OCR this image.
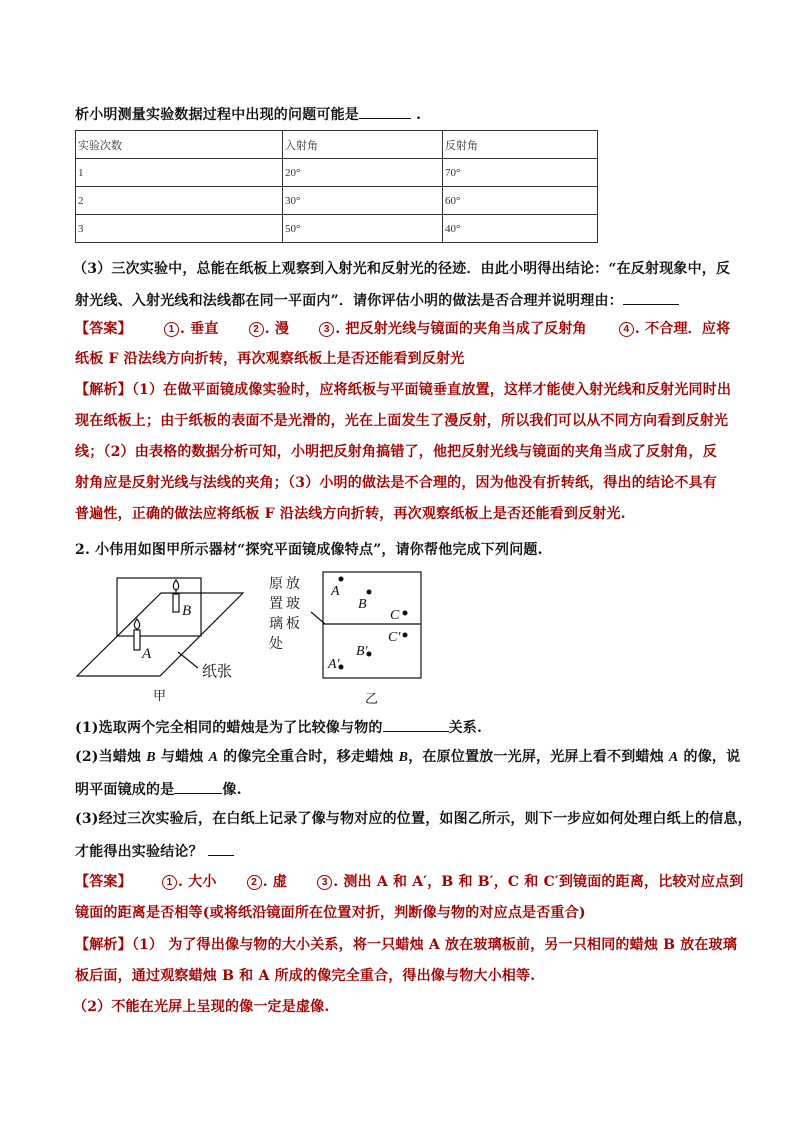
析小明测量实验数据过程中出现的问题可能是	.
实验次数	入射角	反射角
1	20°	70°
2	30°	60°
3	50°	40°
（3）三次实验中，总能在纸板上观察到入射光和反射光的径迹．由此小明得出结论：“在反射现象中，反
射光线、入射光线和法线都在同一平面内”．请你评估小明的做法是否合理并说明理由：
【答案】	1 . 垂直	2 . 漫	3 . 把反射光线与镜面的夹角当成了反射角	4 . 不合理．应将
纸板 F 沿法线方向折转，再次观察纸板上是否还能看到反射光
【解析】（1）在做平面镜成像实验时，应将纸板与平面镜垂直放置，这样才能使入射光线和反射光同时出
现在纸板上；由于纸板的表面不是光滑的，光在上面发生了漫反射，所以我们可以从不同方向看到反射光
线；（2）由表格的数据分析可知，小明把反射角搞错了，他把反射光线与镜面的夹角当成了反射角，反
射角应是反射光线与法线的夹角；（3）小明的做法是不合理的，因为他没有折转纸，得出的结论不具有
普遍性，正确的做法应将纸板 F 沿法线方向折转，再次观察纸板上是否还能看到反射光.
2. 小伟用如图甲所示器材“探究平面镜成像特点”，请你帮他完成下列问题.
B
A
纸张
甲
A
B
C
C′
B′
A′
原放
置玻
璃板
处
乙
(1)选取两个完全相同的蜡烛是为了比较像与物的	关系.
(2)当蜡烛 B 与蜡烛 A 的像完全重合时，移走蜡烛 B，在原位置放一光屏，光屏上看不到蜡烛 A 的像，说
明平面镜成的是	像.
(3)经过三次实验后，在白纸上记录了像与物对应的位置，如图乙所示，则下一步应如何处理白纸上的信息，
才能得出实验结论？
【答案】	1 . 大小	2 . 虚	3 . 测出 A 和 A′，B 和 B′，C 和 C′到镜面的距离，比较对应点到
镜面的距离是否相等(或将纸沿镜面所在位置对折，判断像与物的对应点是否重合)
【解析】（1） 为了得出像与物的大小关系，将一只蜡烛 A 放在玻璃板前，另一只相同的蜡烛 B 放在玻璃
板后面，通过观察蜡烛 B 和 A 所成的像完全重合，得出像与物大小相等.
（2）不能在光屏上呈现的像一定是虚像.
